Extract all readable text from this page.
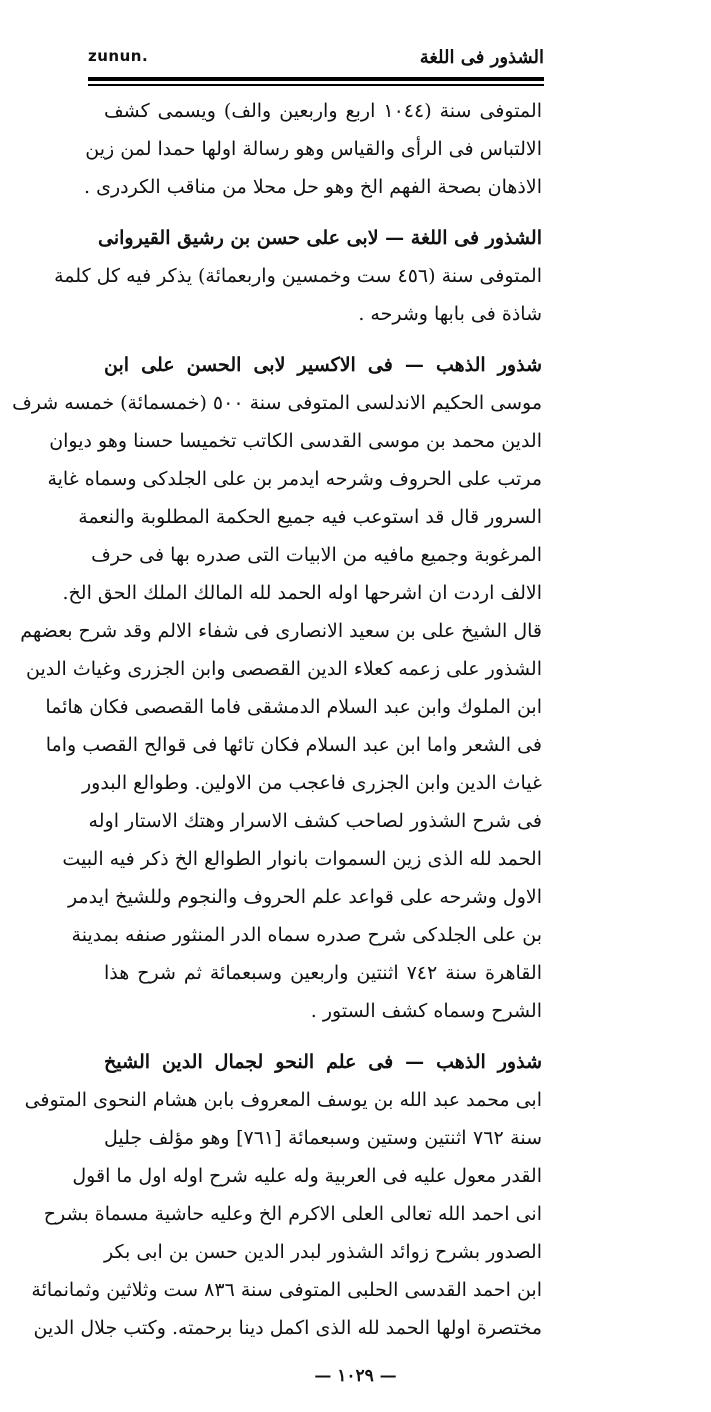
zunun.	الشذور فى اللغة
المتوفى سنة (١٠٤٤ اربع واربعين والف) ويسمى كشف
الالتباس فى الرأى والقياس وهو رسالة اولها حمدا لمن زين
الاذهان بصحة الفهم الخ وهو حل محلا من مناقب الكردرى .
الشذور فى اللغة — لابى على حسن بن رشيق القيروانى
المتوفى سنة (٤٥٦ ست وخمسين واربعمائة) يذكر فيه كل كلمة
شاذة فى بابها وشرحه .
شذور الذهب — فى الاكسير لابى الحسن على ابن
موسى الحكيم الاندلسى المتوفى سنة ٥٠٠ (خمسمائة) خمسه شرف
الدين محمد بن موسى القدسى الكاتب تخميسا حسنا وهو ديوان
مرتب على الحروف وشرحه ايدمر بن على الجلدكى وسماه غاية
السرور قال قد استوعب فيه جميع الحكمة المطلوبة والنعمة
المرغوبة وجميع مافيه من الابيات التى صدره بها فى حرف
الالف اردت ان اشرحها اوله الحمد لله المالك الملك الحق الخ.
قال الشيخ على بن سعيد الانصارى فى شفاء الالم وقد شرح بعضهم
الشذور على زعمه كعلاء الدين القصصى وابن الجزرى وغياث الدين
ابن الملوك وابن عبد السلام الدمشقى فاما القصصى فكان هائما
فى الشعر واما ابن عبد السلام فكان تائها فى قوالح القصب واما
غياث الدين وابن الجزرى فاعجب من الاولين. وطوالع البدور
فى شرح الشذور لصاحب كشف الاسرار وهتك الاستار اوله
الحمد لله الذى زين السموات بانوار الطوالع الخ ذكر فيه البيت
الاول وشرحه على قواعد علم الحروف والنجوم وللشيخ ايدمر
بن على الجلدكى شرح صدره سماه الدر المنثور صنفه بمدينة
القاهرة سنة ٧٤٢ اثنتين واربعين وسبعمائة ثم شرح هذا
الشرح وسماه كشف الستور .
شذور الذهب — فى علم النحو لجمال الدين الشيخ
ابى محمد عبد الله بن يوسف المعروف بابن هشام النحوى المتوفى
سنة ٧٦٢ اثنتين وستين وسبعمائة [٧٦١] وهو مؤلف جليل
القدر معول عليه فى العربية وله عليه شرح اوله اول ما اقول
انى احمد الله تعالى العلى الاكرم الخ وعليه حاشية مسماة بشرح
الصدور بشرح زوائد الشذور لبدر الدين حسن بن ابى بكر
ابن احمد القدسى الحلبى المتوفى سنة ٨٣٦ ست وثلاثين وثمانمائة
مختصرة اولها الحمد لله الذى اكمل دينا برحمته. وكتب جلال الدين
— ١٠٢٩ —
